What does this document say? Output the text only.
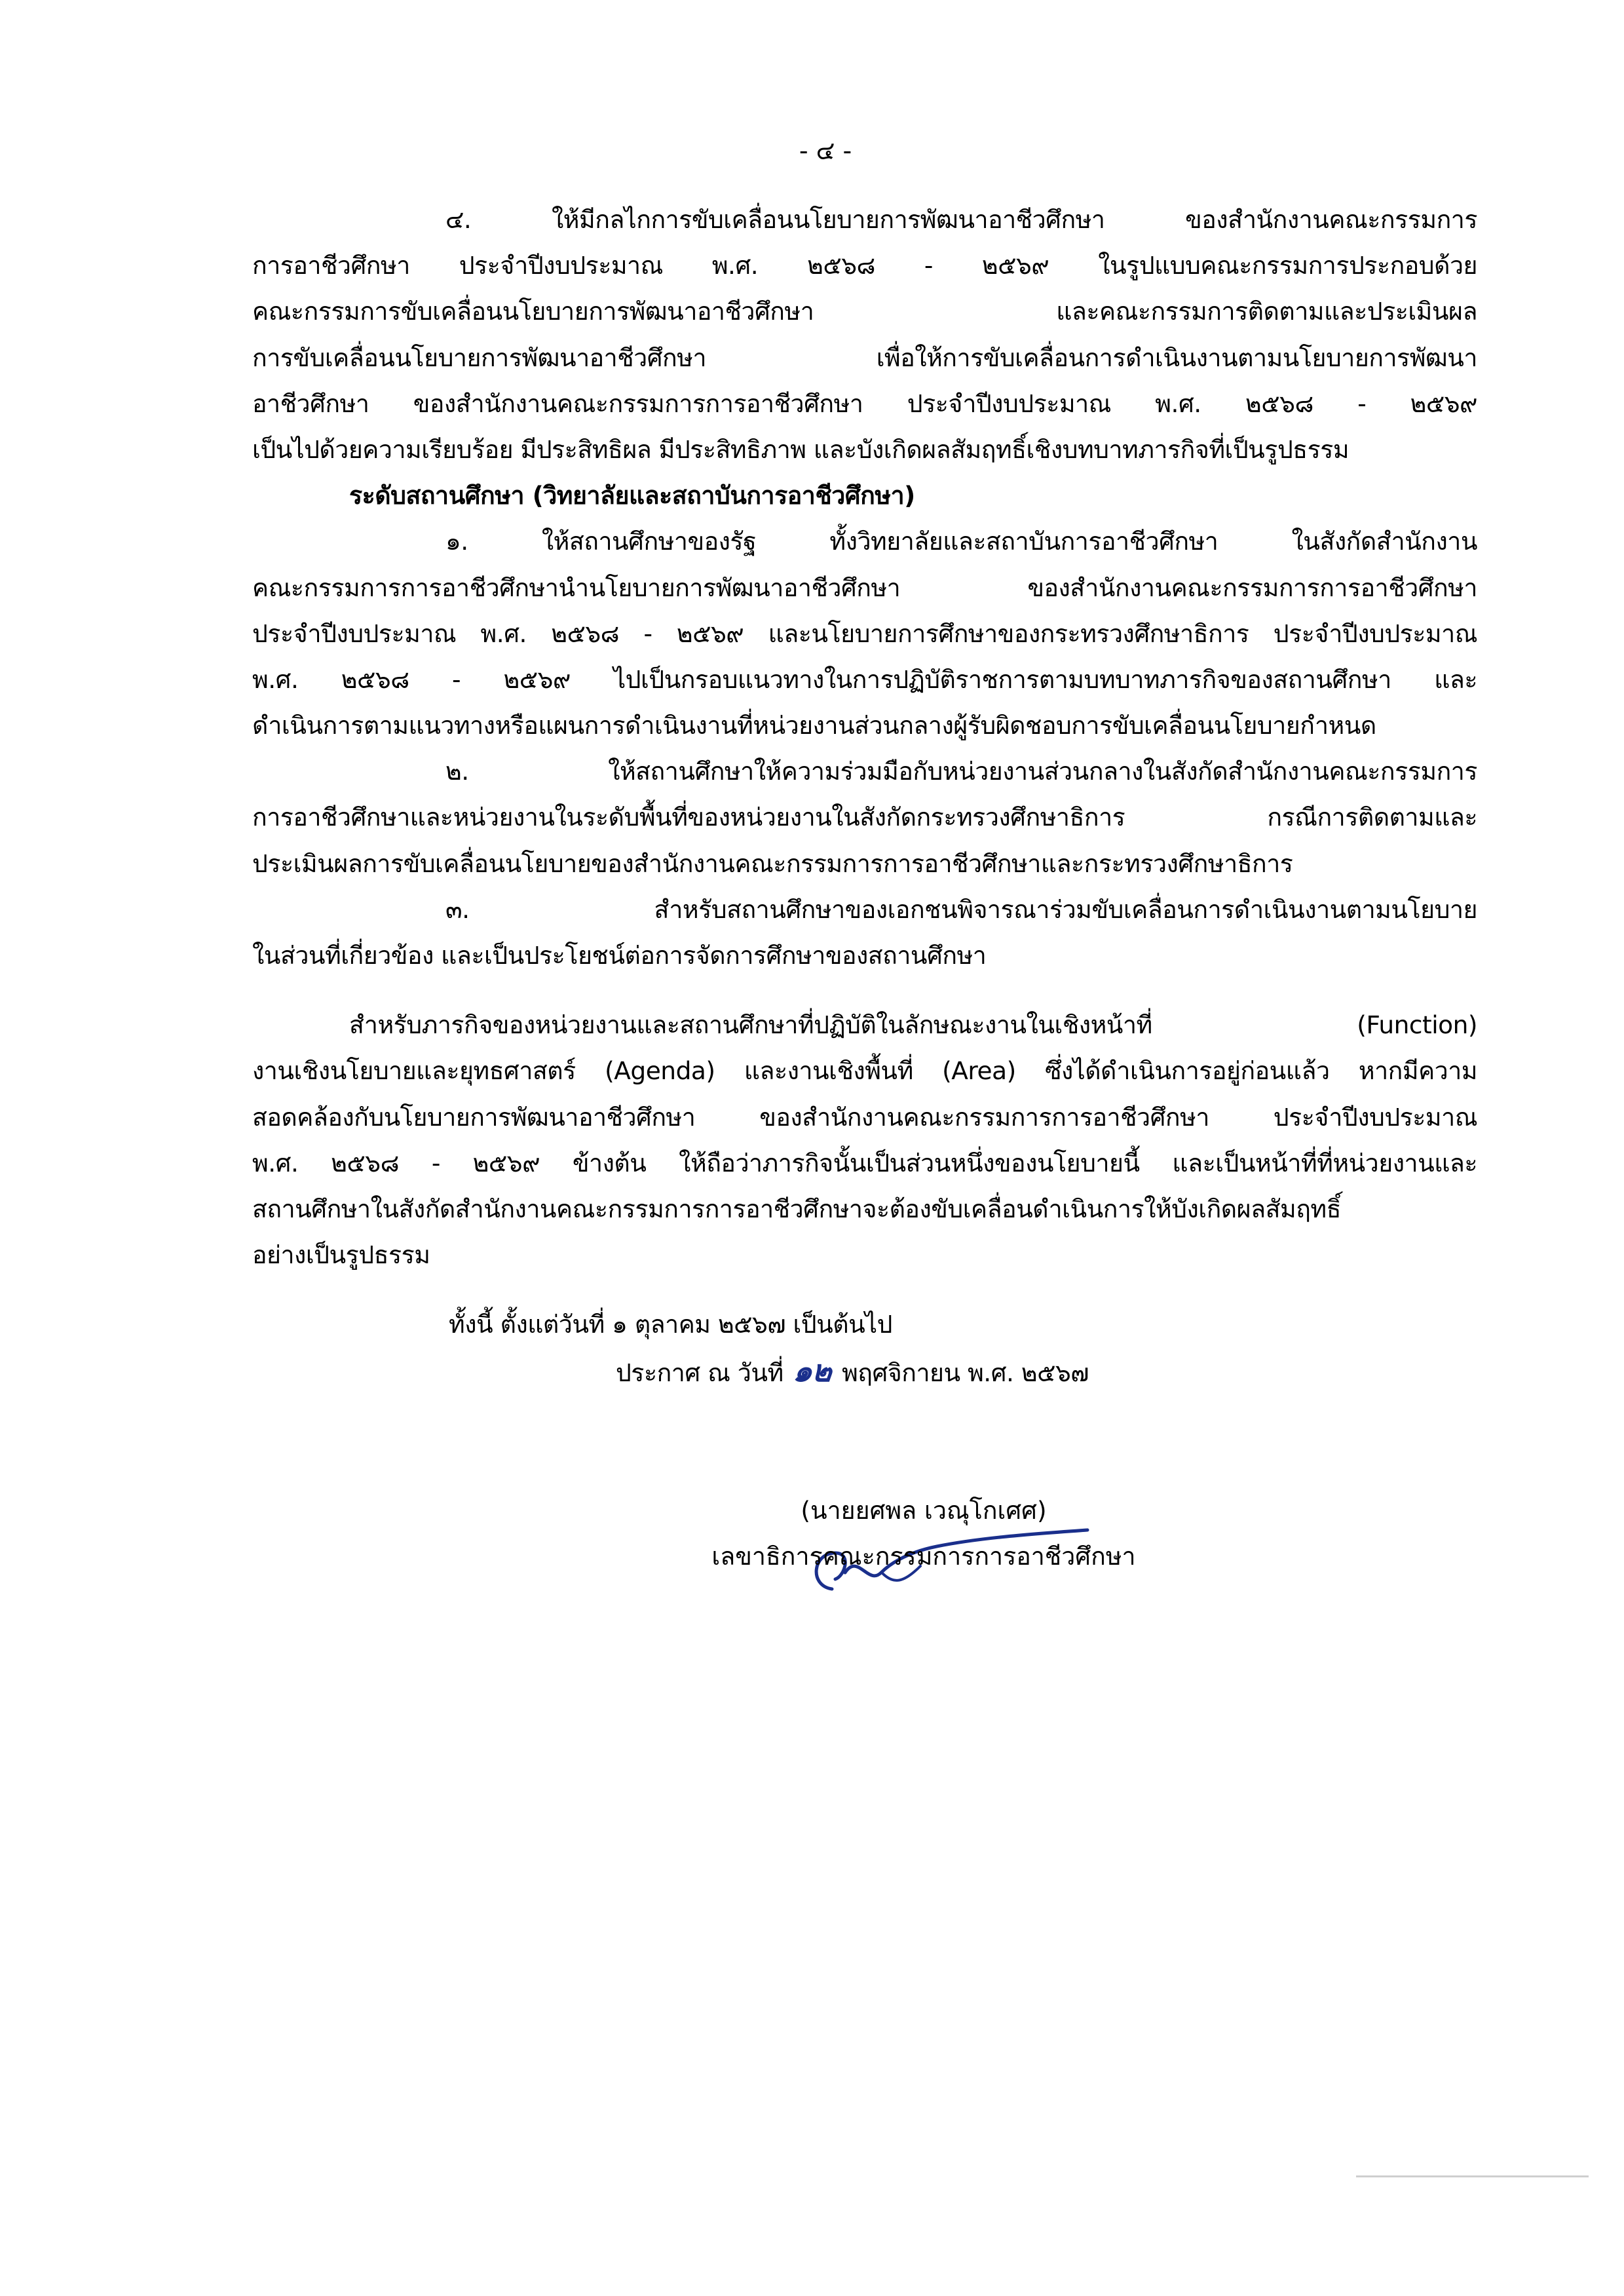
- ๔ -
๔. ให้มีกลไกการขับเคลื่อนนโยบายการพัฒนาอาชีวศึกษา ของสำนักงานคณะกรรมการ
การอาชีวศึกษา ประจำปีงบประมาณ พ.ศ. ๒๕๖๘ - ๒๕๖๙ ในรูปแบบคณะกรรมการประกอบด้วย
คณะกรรมการขับเคลื่อนนโยบายการพัฒนาอาชีวศึกษา และคณะกรรมการติดตามและประเมินผล
การขับเคลื่อนนโยบายการพัฒนาอาชีวศึกษา เพื่อให้การขับเคลื่อนการดำเนินงานตามนโยบายการพัฒนา
อาชีวศึกษา ของสำนักงานคณะกรรมการการอาชีวศึกษา ประจำปีงบประมาณ พ.ศ. ๒๕๖๘ - ๒๕๖๙
เป็นไปด้วยความเรียบร้อย มีประสิทธิผล มีประสิทธิภาพ และบังเกิดผลสัมฤทธิ์เชิงบทบาทภารกิจที่เป็นรูปธรรม
ระดับสถานศึกษา (วิทยาลัยและสถาบันการอาชีวศึกษา)
๑. ให้สถานศึกษาของรัฐ ทั้งวิทยาลัยและสถาบันการอาชีวศึกษา ในสังกัดสำนักงาน
คณะกรรมการการอาชีวศึกษานำนโยบายการพัฒนาอาชีวศึกษา ของสำนักงานคณะกรรมการการอาชีวศึกษา
ประจำปีงบประมาณ พ.ศ. ๒๕๖๘ - ๒๕๖๙ และนโยบายการศึกษาของกระทรวงศึกษาธิการ ประจำปีงบประมาณ
พ.ศ. ๒๕๖๘ - ๒๕๖๙ ไปเป็นกรอบแนวทางในการปฏิบัติราชการตามบทบาทภารกิจของสถานศึกษา และ
ดำเนินการตามแนวทางหรือแผนการดำเนินงานที่หน่วยงานส่วนกลางผู้รับผิดชอบการขับเคลื่อนนโยบายกำหนด
๒. ให้สถานศึกษาให้ความร่วมมือกับหน่วยงานส่วนกลางในสังกัดสำนักงานคณะกรรมการ
การอาชีวศึกษาและหน่วยงานในระดับพื้นที่ของหน่วยงานในสังกัดกระทรวงศึกษาธิการ กรณีการติดตามและ
ประเมินผลการขับเคลื่อนนโยบายของสำนักงานคณะกรรมการการอาชีวศึกษาและกระทรวงศึกษาธิการ
๓. สำหรับสถานศึกษาของเอกชนพิจารณาร่วมขับเคลื่อนการดำเนินงานตามนโยบาย
ในส่วนที่เกี่ยวข้อง และเป็นประโยชน์ต่อการจัดการศึกษาของสถานศึกษา
สำหรับภารกิจของหน่วยงานและสถานศึกษาที่ปฏิบัติในลักษณะงานในเชิงหน้าที่ (Function)
งานเชิงนโยบายและยุทธศาสตร์ (Agenda) และงานเชิงพื้นที่ (Area) ซึ่งได้ดำเนินการอยู่ก่อนแล้ว หากมีความ
สอดคล้องกับนโยบายการพัฒนาอาชีวศึกษา ของสำนักงานคณะกรรมการการอาชีวศึกษา ประจำปีงบประมาณ
พ.ศ. ๒๕๖๘ - ๒๕๖๙ ข้างต้น ให้ถือว่าภารกิจนั้นเป็นส่วนหนึ่งของนโยบายนี้ และเป็นหน้าที่ที่หน่วยงานและ
สถานศึกษาในสังกัดสำนักงานคณะกรรมการการอาชีวศึกษาจะต้องขับเคลื่อนดำเนินการให้บังเกิดผลสัมฤทธิ์
อย่างเป็นรูปธรรม
ทั้งนี้ ตั้งแต่วันที่ ๑ ตุลาคม ๒๕๖๗ เป็นต้นไป
ประกาศ ณ วันที่ ๑๒ พฤศจิกายน พ.ศ. ๒๕๖๗
(นายยศพล เวณุโกเศศ)
เลขาธิการคณะกรรมการการอาชีวศึกษา
